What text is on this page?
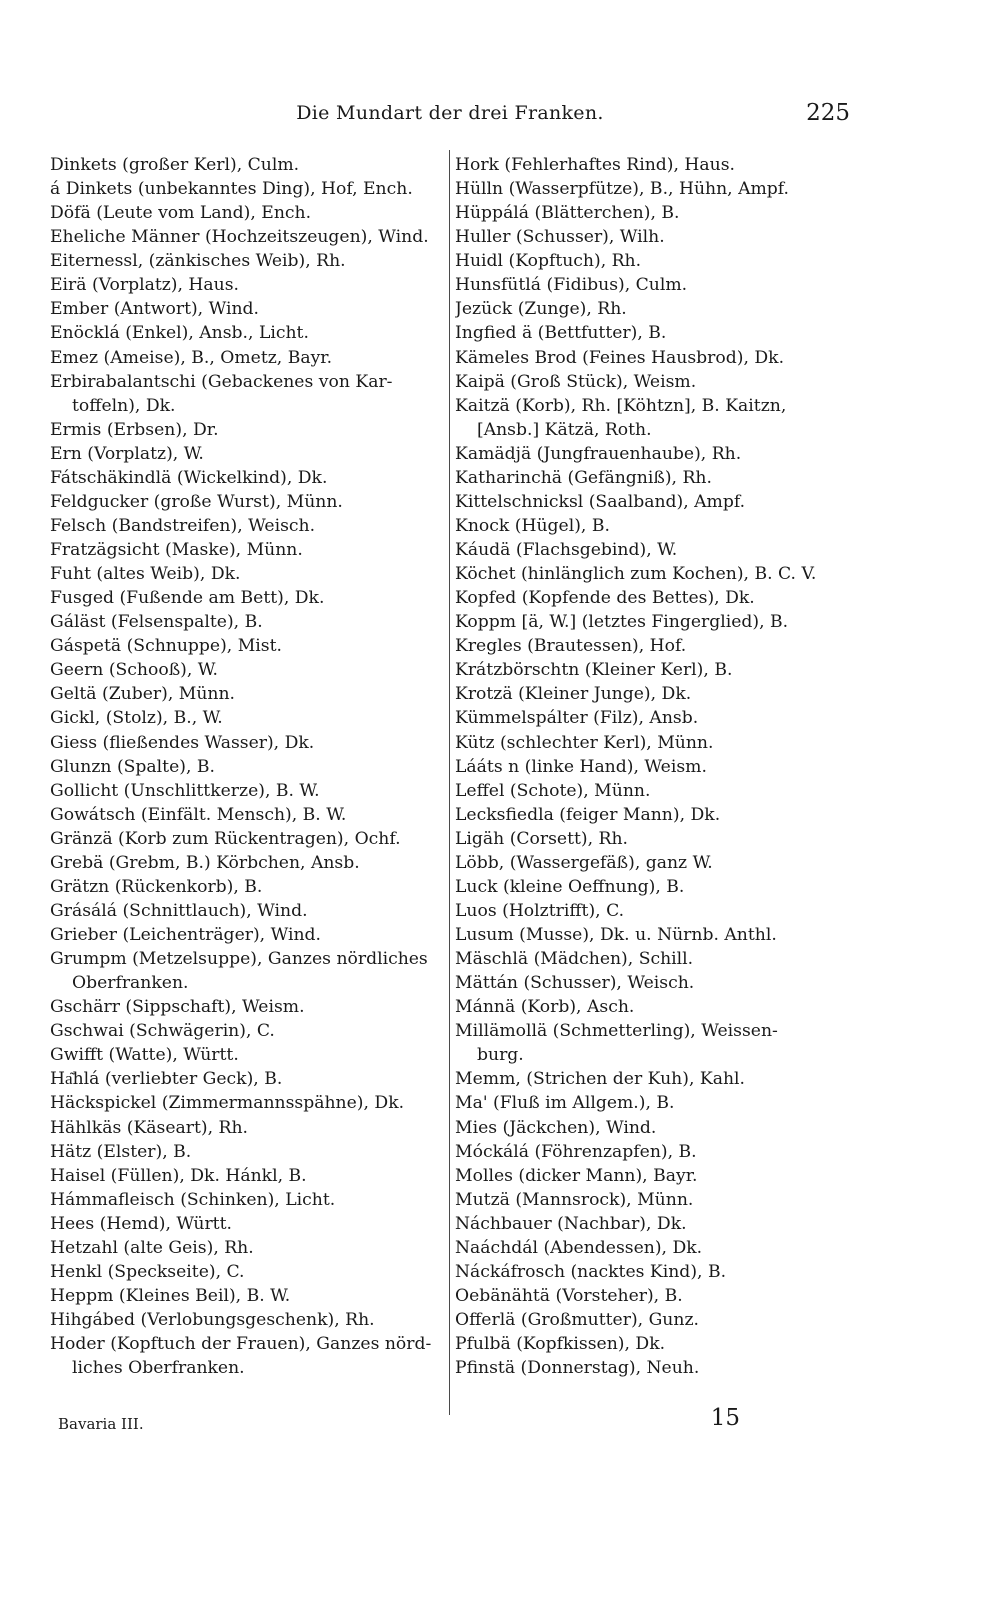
Die Mundart der drei Franken.	225
Dinkets (großer Kerl), Culm.
á Dinkets (unbekanntes Ding), Hof, Ench.
Döfä (Leute vom Land), Ench.
Eheliche Männer (Hochzeitszeugen), Wind.
Eiternessl, (zänkisches Weib), Rh.
Eirä (Vorplatz), Haus.
Ember (Antwort), Wind.
Enöcklá (Enkel), Ansb., Licht.
Emez (Ameise), B., Ometz, Bayr.
Erbirabalantschi (Gebackenes von Kar-
toffeln), Dk.
Ermis (Erbsen), Dr.
Ern (Vorplatz), W.
Fátschäkindlä (Wickelkind), Dk.
Feldgucker (große Wurst), Münn.
Felsch (Bandstreifen), Weisch.
Fratzägsicht (Maske), Münn.
Fuht (altes Weib), Dk.
Fusged (Fußende am Bett), Dk.
Gáläst (Felsenspalte), B.
Gáspetä (Schnuppe), Mist.
Geern (Schooß), W.
Geltä (Zuber), Münn.
Gickl, (Stolz), B., W.
Giess (fließendes Wasser), Dk.
Glunzn (Spalte), B.
Gollicht (Unschlittkerze), B. W.
Gowátsch (Einfält. Mensch), B. W.
Gränzä (Korb zum Rückentragen), Ochf.
Grebä (Grebm, B.) Körbchen, Ansb.
Grätzn (Rückenkorb), B.
Grásálá (Schnittlauch), Wind.
Grieber (Leichenträger), Wind.
Grumpm (Metzelsuppe), Ganzes nördliches
Oberfranken.
Gschärr (Sippschaft), Weism.
Gschwai (Schwägerin), C.
Gwifft (Watte), Württ.
Ha͂hlá (verliebter Geck), B.
Häckspickel (Zimmermannsspähne), Dk.
Hählkäs (Käseart), Rh.
Hätz (Elster), B.
Haisel (Füllen), Dk. Hánkl, B.
Hámmafleisch (Schinken), Licht.
Hees (Hemd), Württ.
Hetzahl (alte Geis), Rh.
Henkl (Speckseite), C.
Heppm (Kleines Beil), B. W.
Hihgábed (Verlobungsgeschenk), Rh.
Hoder (Kopftuch der Frauen), Ganzes nörd-
liches Oberfranken.
Hork (Fehlerhaftes Rind), Haus.
Hülln (Wasserpfütze), B., Hühn, Ampf.
Hüppálá (Blätterchen), B.
Huller (Schusser), Wilh.
Huidl (Kopftuch), Rh.
Hunsfütlá (Fidibus), Culm.
Jezück (Zunge), Rh.
Ingfied ä (Bettfutter), B.
Kämeles Brod (Feines Hausbrod), Dk.
Kaipä (Groß Stück), Weism.
Kaitzä (Korb), Rh. [Köhtzn], B. Kaitzn,
[Ansb.] Kätzä, Roth.
Kamädjä (Jungfrauenhaube), Rh.
Katharinchä (Gefängniß), Rh.
Kittelschnicksl (Saalband), Ampf.
Knock (Hügel), B.
Káudä (Flachsgebind), W.
Köchet (hinlänglich zum Kochen), B. C. V.
Kopfed (Kopfende des Bettes), Dk.
Koppm [ä, W.] (letztes Fingerglied), B.
Kregles (Brautessen), Hof.
Krátzbörschtn (Kleiner Kerl), B.
Krotzä (Kleiner Junge), Dk.
Kümmelspálter (Filz), Ansb.
Kütz (schlechter Kerl), Münn.
Lááts n (linke Hand), Weism.
Leffel (Schote), Münn.
Lecksfiedla (feiger Mann), Dk.
Ligäh (Corsett), Rh.
Löbb, (Wassergefäß), ganz W.
Luck (kleine Oeffnung), B.
Luos (Holztrifft), C.
Lusum (Musse), Dk. u. Nürnb. Anthl.
Mäschlä (Mädchen), Schill.
Mättán (Schusser), Weisch.
Mánnä (Korb), Asch.
Millämollä (Schmetterling), Weissen-
burg.
Memm, (Strichen der Kuh), Kahl.
Ma' (Fluß im Allgem.), B.
Mies (Jäckchen), Wind.
Móckálá (Föhrenzapfen), B.
Molles (dicker Mann), Bayr.
Mutzä (Mannsrock), Münn.
Náchbauer (Nachbar), Dk.
Naáchdál (Abendessen), Dk.
Náckáfrosch (nacktes Kind), B.
Oebänähtä (Vorsteher), B.
Offerlä (Großmutter), Gunz.
Pfulbä (Kopfkissen), Dk.
Pfinstä (Donnerstag), Neuh.
Bavaria III.	15
